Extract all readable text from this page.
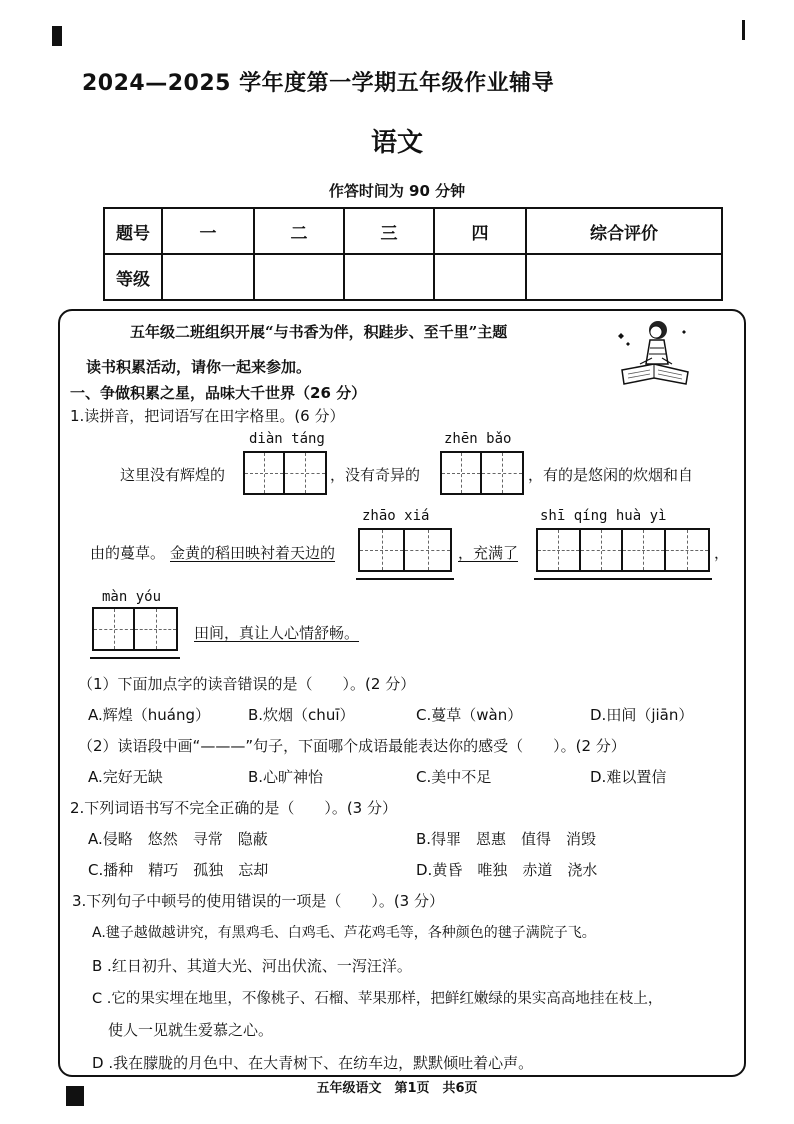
2024—2025 学年度第一学期五年级作业辅导
语文
作答时间为 90 分钟
题号	一	二	三	四	综合评价
等级					
五年级二班组织开展“与书香为伴，积跬步、至千里”主题
读书积累活动，请你一起来参加。
一、争做积累之星，品味大千世界（26 分）
1.读拼音，把词语写在田字格里。(6 分）
diàn táng	zhēn bǎo
这里没有辉煌的	，没有奇异的	，有的是悠闲的炊烟和自
zhāo xiá	shī qíng huà yì
由的蔓草。 金黄的稻田映衬着天边的	，充满了	，
màn yóu
田间，真让人心情舒畅。
（1）下面加点字的读音错误的是（　　）。(2 分）
A.辉煌（huáng）	B.炊烟（chuī）	C.蔓草（wàn）	D.田间（jiān）
（2）读语段中画“———”句子，下面哪个成语最能表达你的感受（　　）。(2 分）
A.完好无缺	B.心旷神怡	C.美中不足	D.难以置信
2.下列词语书写不完全正确的是（　　）。(3 分）
A.侵略　悠然　寻常　隐蔽	B.得罪　恩惠　值得　消毁
C.播种　精巧　孤独　忘却	D.黄昏　唯独　赤道　浇水
3.下列句子中顿号的使用错误的一项是（　　）。(3 分）
A.毽子越做越讲究，有黑鸡毛、白鸡毛、芦花鸡毛等，各种颜色的毽子满院子飞。
B .红日初升、其道大光、河出伏流、一泻汪洋。
C .它的果实埋在地里，不像桃子、石榴、苹果那样，把鲜红嫩绿的果实高高地挂在枝上，
使人一见就生爱慕之心。
D .我在朦胧的月色中、在大青树下、在纺车边，默默倾吐着心声。
五年级语文　第1页　共6页
